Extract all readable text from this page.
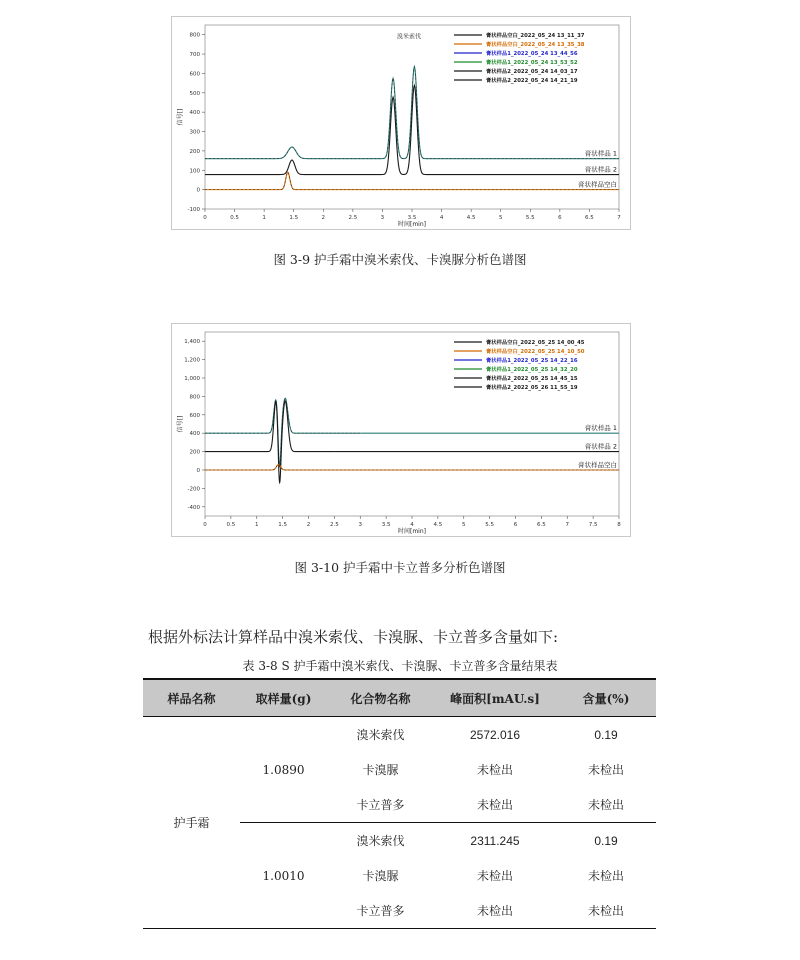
0	0.5	1	1.5	2	2.5	3	3.5	4	4.5	5	5.5	6	6.5	7
-100
0
100
200
300
400
500
600
700
800
时间[min]
信号[]
膏状样品 1
膏状样品 2
膏状样品空白
膏状样品空白_2022_05_24 13_11_37
膏状样品空白_2022_05_24 13_35_38
膏状样品1_2022_05_24 13_44_56
膏状样品1_2022_05_24 13_53_52
膏状样品2_2022_05_24 14_03_17
膏状样品2_2022_05_24 14_21_19
溴米索伐
图 3-9 护手霜中溴米索伐、卡溴脲分析色谱图
0	0.5	1	1.5	2	2.5	3	3.5	4	4.5	5	5.5	6	6.5	7	7.5	8
-400
-200
0
200
400
600
800
1,000
1,200
1,400
时间[min]
信号[]	膏状样品 1
膏状样品 2
膏状样品空白
膏状样品空白_2022_05_25 14_00_45
膏状样品空白_2022_05_25 14_10_50
膏状样品1_2022_05_25 14_22_16
膏状样品1_2022_05_25 14_32_20
膏状样品2_2022_05_25 14_45_15
膏状样品2_2022_05_26 11_55_19
图 3-10 护手霜中卡立普多分析色谱图
根据外标法计算样品中溴米索伐、卡溴脲、卡立普多含量如下:
表 3-8 S 护手霜中溴米索伐、卡溴脲、卡立普多含量结果表
样品名称	取样量(g)	化合物名称	峰面积[mAU.s]	含量(%)
护手霜	1.0890	溴米索伐	2572.016	0.19
		卡溴脲	未检出	未检出
		卡立普多	未检出	未检出
	1.0010	溴米索伐	2311.245	0.19
		卡溴脲	未检出	未检出
		卡立普多	未检出	未检出
